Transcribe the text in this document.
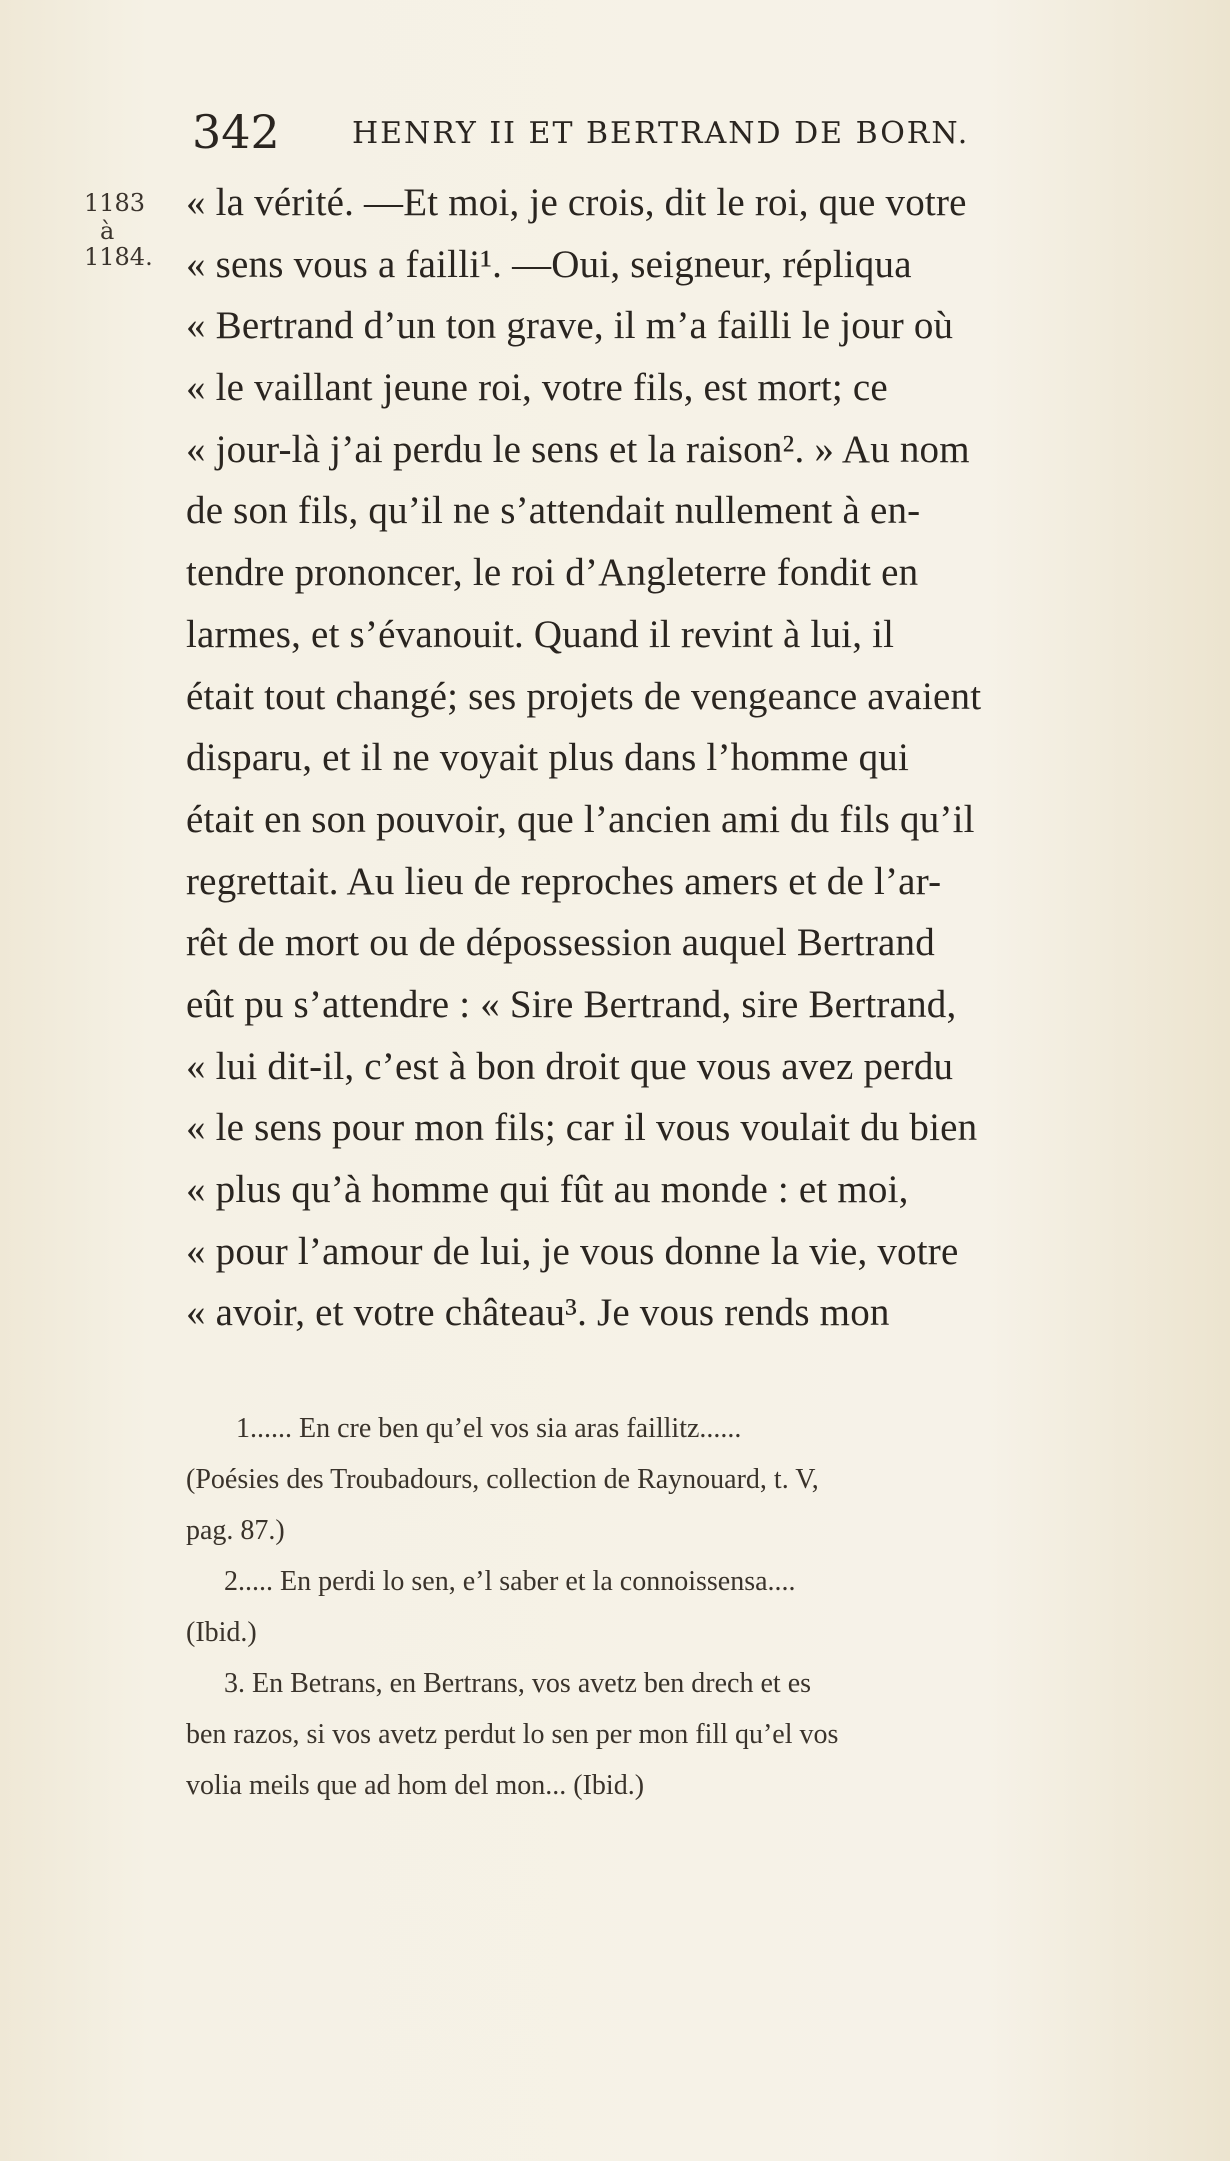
342 HENRY II ET BERTRAND DE BORN.
1183
à
1184.
« la vérité. —Et moi, je crois, dit le roi, que votre
« sens vous a failli¹. —Oui, seigneur, répliqua
« Bertrand d’un ton grave, il m’a failli le jour où
« le vaillant jeune roi, votre fils, est mort; ce
« jour-là j’ai perdu le sens et la raison². » Au nom
de son fils, qu’il ne s’attendait nullement à en-
tendre prononcer, le roi d’Angleterre fondit en
larmes, et s’évanouit. Quand il revint à lui, il
était tout changé; ses projets de vengeance avaient
disparu, et il ne voyait plus dans l’homme qui
était en son pouvoir, que l’ancien ami du fils qu’il
regrettait. Au lieu de reproches amers et de l’ar-
rêt de mort ou de dépossession auquel Bertrand
eût pu s’attendre : « Sire Bertrand, sire Bertrand,
« lui dit-il, c’est à bon droit que vous avez perdu
« le sens pour mon fils; car il vous voulait du bien
« plus qu’à homme qui fût au monde : et moi,
« pour l’amour de lui, je vous donne la vie, votre
« avoir, et votre château³. Je vous rends mon
1...... En cre ben qu’el vos sia aras faillitz......
(Poésies des Troubadours, collection de Raynouard, t. V,
pag. 87.)
2..... En perdi lo sen, e’l saber et la connoissensa....
(Ibid.)
3. En Betrans, en Bertrans, vos avetz ben drech et es
ben razos, si vos avetz perdut lo sen per mon fill qu’el vos
volia meils que ad hom del mon... (Ibid.)
